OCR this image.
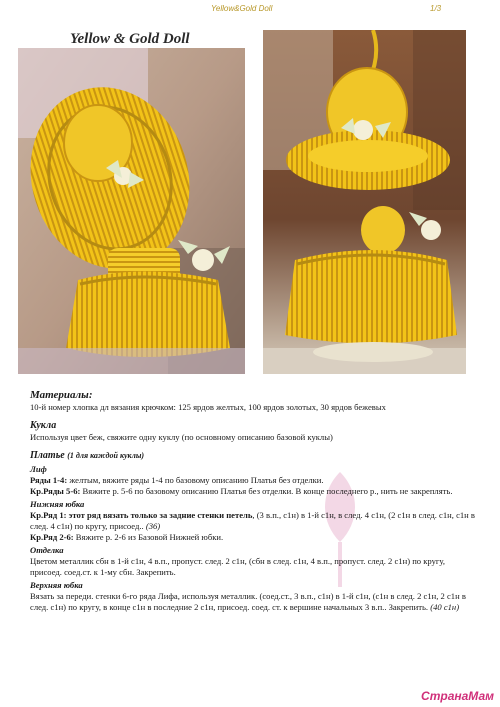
Yellow&Gold Doll	1/3
Yellow & Gold Doll

Материалы:

10-й номер хлопка дл вязания крючком: 125 ярдов желтых, 100 ярдов золотых, 30 ярдов бежевых

Кукла

Используя цвет беж, свяжите одну куклу (по основному описанию базовой куклы)

Платье (1 для каждой куклы)

Лиф

Ряды 1-4: желтым, вяжите ряды 1-4 по базовому описанию Платья без отделки.

Кр.Ряды 5-6: Вяжите р. 5-6 по базовому описанию Платья без отделки. В конце последнего р., нить не закреплять.

Нижняя юбка

Кр.Ряд 1: этот ряд вязать только за задние стенки петель, (3 в.п., с1н) в 1-й с1н, в след. 4 с1н, (2 с1н в след. с1н, с1н в след. 4 с1н) по кругу, присоед.. (36)

Кр.Ряд 2-6: Вяжите р. 2-6 из Базовой Нижней юбки.

Отделка

Цветом металлик сбн в 1-й с1н, 4 в.п., пропуст. след. 2 с1н, (сбн в след. с1н, 4 в.п., пропуст. след. 2 с1н) по кругу, присоед. соед.ст. к 1-му сбн. Закрепить.

Верхняя юбка

Вязать за переди. стенки 6-го ряда Лифа, используя металлик. (соед.ст., 3 в.п., с1н) в 1-й с1н, (с1н в след. 2 с1н, 2 с1н в след. с1н) по кругу, в конце с1н в последние 2 с1н, присоед. соед. ст. к вершине начальных 3 в.п.. Закрепить. (40 с1н)

СтранаМам
